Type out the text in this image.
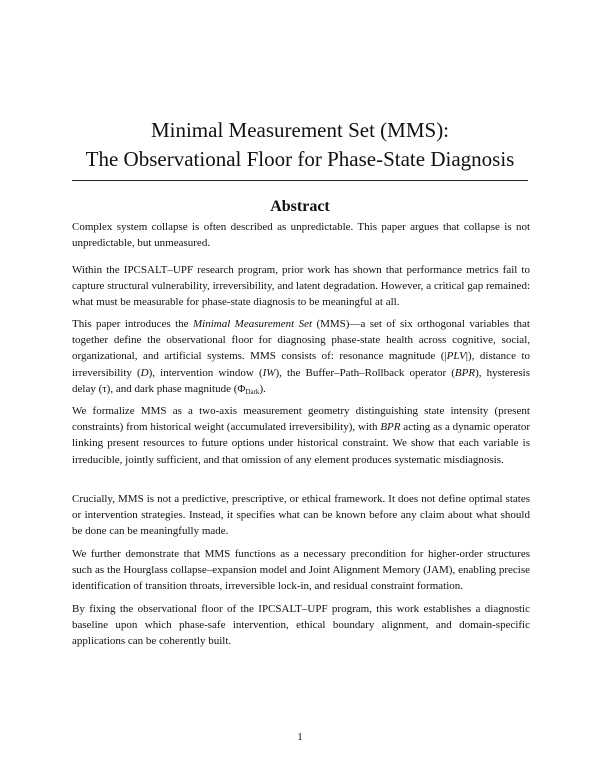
Minimal Measurement Set (MMS):
The Observational Floor for Phase-State Diagnosis
Abstract

Complex system collapse is often described as unpredictable. This paper argues that collapse is not unpredictable, but unmeasured.

Within the IPCSALT–UPF research program, prior work has shown that performance metrics fail to capture structural vulnerability, irreversibility, and latent degradation. However, a critical gap remained: what must be measurable for phase-state diagnosis to be meaningful at all.

This paper introduces the Minimal Measurement Set (MMS)—a set of six orthogonal variables that together define the observational floor for diagnosing phase-state health across cognitive, social, organizational, and artificial systems. MMS consists of: resonance magnitude (|PLV|), distance to irreversibility (D), intervention window (IW), the Buffer–Path–Rollback operator (BPR), hysteresis delay (τ), and dark phase magnitude $(\Phi_{Dark})$.

We formalize MMS as a two-axis measurement geometry distinguishing state intensity (present constraints) from historical weight (accumulated irreversibility), with BPR acting as a dynamic operator linking present resources to future options under historical constraint. We show that each variable is irreducible, jointly sufficient, and that omission of any element produces systematic misdiagnosis.

Crucially, MMS is not a predictive, prescriptive, or ethical framework. It does not define optimal states or intervention strategies. Instead, it specifies what can be known before any claim about what should be done can be meaningfully made.

We further demonstrate that MMS functions as a necessary precondition for higher-order structures such as the Hourglass collapse–expansion model and Joint Alignment Memory (JAM), enabling precise identification of transition throats, irreversible lock-in, and residual constraint formation.

By fixing the observational floor of the IPCSALT–UPF program, this work establishes a diagnostic baseline upon which phase-safe intervention, ethical boundary alignment, and domain-specific applications can be coherently built.

1
